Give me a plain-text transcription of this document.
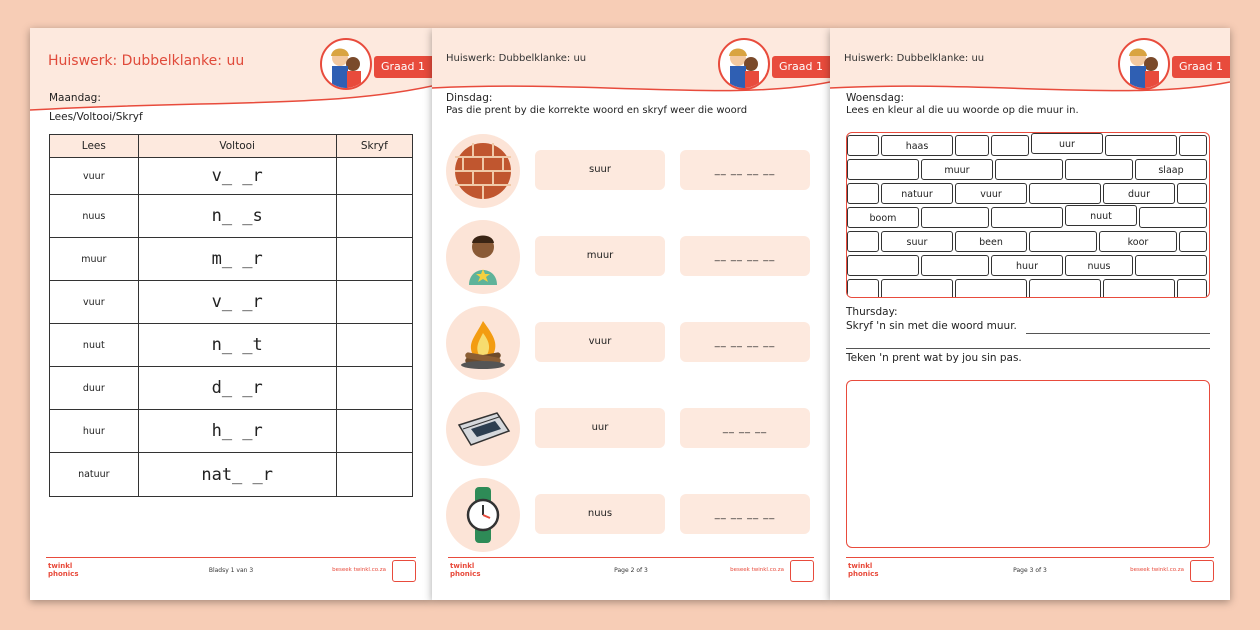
Huiswerk: Dubbelklanke: uu	Graad 1
Maandag:
Lees/Voltooi/Skryf
Lees	Voltooi	Skryf
vuur	v_ _r	
nuus	n_ _s	
muur	m_ _r	
vuur	v_ _r	
nuut	n_ _t	
duur	d_ _r	
huur	h_ _r	
natuur	nat_ _r	
twinkl
phonics	Bladsy 1 van 3	beseek twinkl.co.za
Huiswerk: Dubbelklanke: uu
Graad 1
Dinsdag:
Pas die prent by die korrekte woord en skryf weer die woord
suur	__ __ __ __
muur	__ __ __ __
vuur	__ __ __ __
uur	__ __ __
nuus	__ __ __ __
twinkl
phonics	Page 2 of 3	beseek twinkl.co.za
Huiswerk: Dubbelklanke: uu
Graad 1
Woensdag:
Lees en kleur al die uu woorde op die muur in.
haas	uur
muur	slaap
natuur	vuur	duur
boom	nuut
suur	been	koor
huur	nuus
Thursday:
Skryf 'n sin met die woord muur.
Teken 'n prent wat by jou sin pas.
twinkl
phonics	Page 3 of 3	beseek twinkl.co.za
